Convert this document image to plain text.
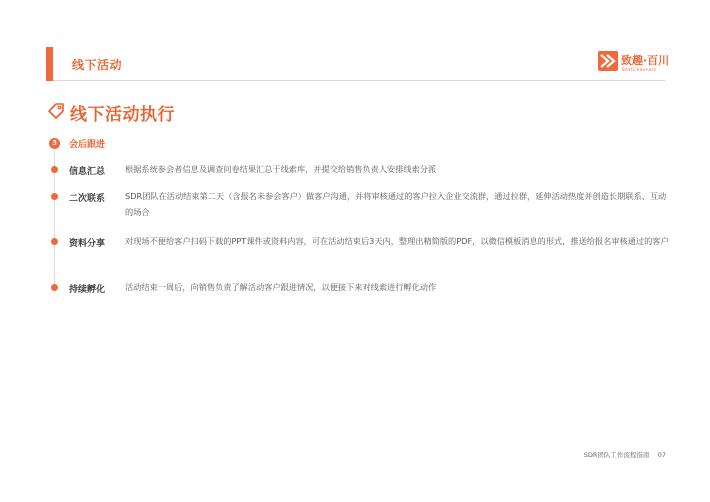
线下活动	致趣·百川
BestChannels
线下活动执行
3	会后跟进
信息汇总 根据系统参会者信息及调查问卷结果汇总于线索库，并提交给销售负责人安排线索分派
二次联系 SDR团队在活动结束第二天（含报名未参会客户）做客户沟通，并将审核通过的客户拉入企业交流群，通过拉群，延伸活动热度并创造长期联系、互动的场合
资料分享 对现场不便给客户扫码下载的PPT课件或资料内容，可在活动结束后3天内，整理出精简版的PDF，以微信模板消息的形式，推送给报名审核通过的客户
持续孵化 活动结束一周后，向销售负责了解活动客户跟进情况，以便接下来对线索进行孵化动作
SDR团队工作流程指南 07
